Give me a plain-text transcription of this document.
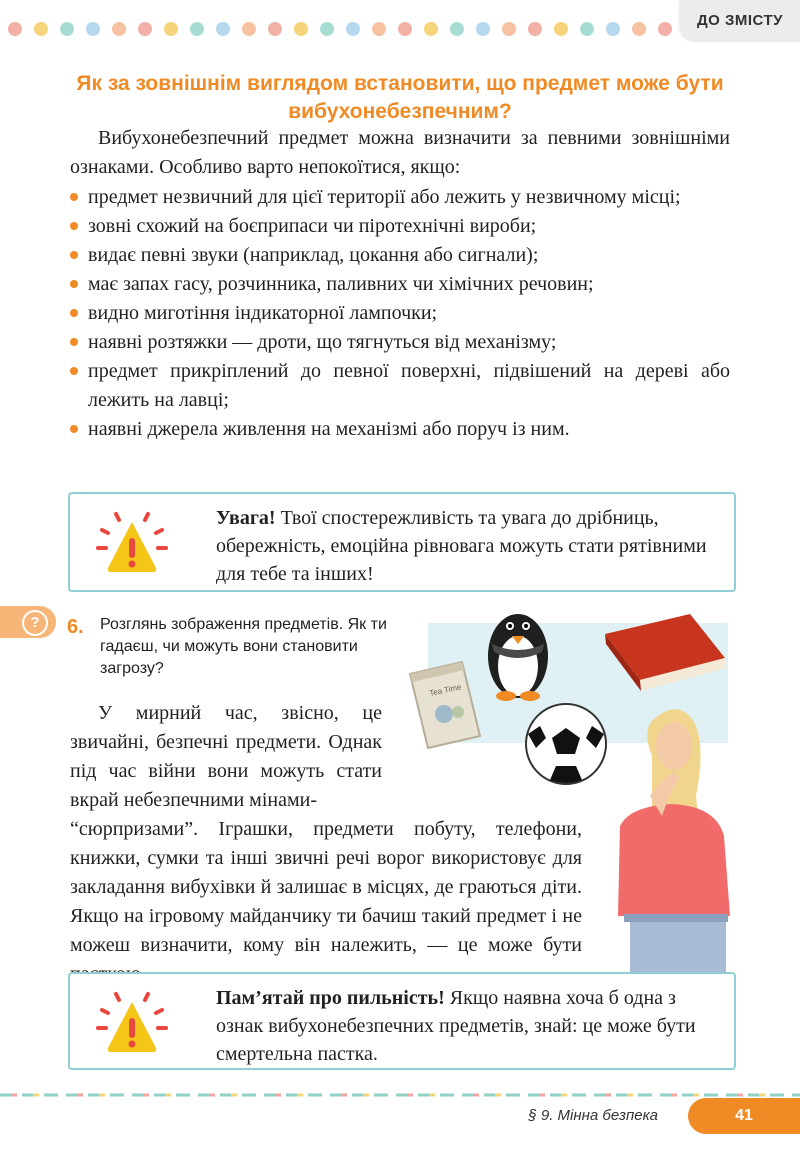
ДО ЗМІСТУ
Як за зовнішнім виглядом встановити, що предмет може бути вибухонебезпечним?

Вибухонебезпечний предмет можна визначити за певними зовнішніми ознаками. Особливо варто непокоїтися, якщо:

предмет незвичний для цієї території або лежить у незвичному місці;
зовні схожий на боєприпаси чи піротехнічні вироби;
видає певні звуки (наприклад, цокання або сигнали);
має запах гасу, розчинника, паливних чи хімічних речовин;
видно миготіння індикаторної лампочки;
наявні розтяжки — дроти, що тягнуться від механізму;
предмет прикріплений до певної поверхні, підвішений на дереві або лежить на лавці;
наявні джерела живлення на механізмі або поруч із ним.
Увага! Твої спостережливість та увага до дрібниць, обережність, емоційна рівновага можуть стати рятівними для тебе та інших!
?	6. Розглянь зображення предметів. Як ти гадаєш, чи можуть вони становити загрозу?
Tea Time

У мирний час, звісно, це звичайні, безпечні предмети. Однак під час війни вони можуть стати вкрай небезпечними мінами-

“сюрпризами”. Іграшки, предмети побуту, телефони, книжки, сумки та інші звичні речі ворог використовує для закладання вибухівки й залишає в місцях, де граються діти. Якщо на ігровому майданчику ти бачиш такий предмет і не можеш визначити, кому він належить, — це може бути

Пам’ятай про пильність! Якщо наявна хоча б одна з ознак вибухонебезпечних предметів, знай: це може бути смертельна пастка.
§ 9. Мінна безпека	41
